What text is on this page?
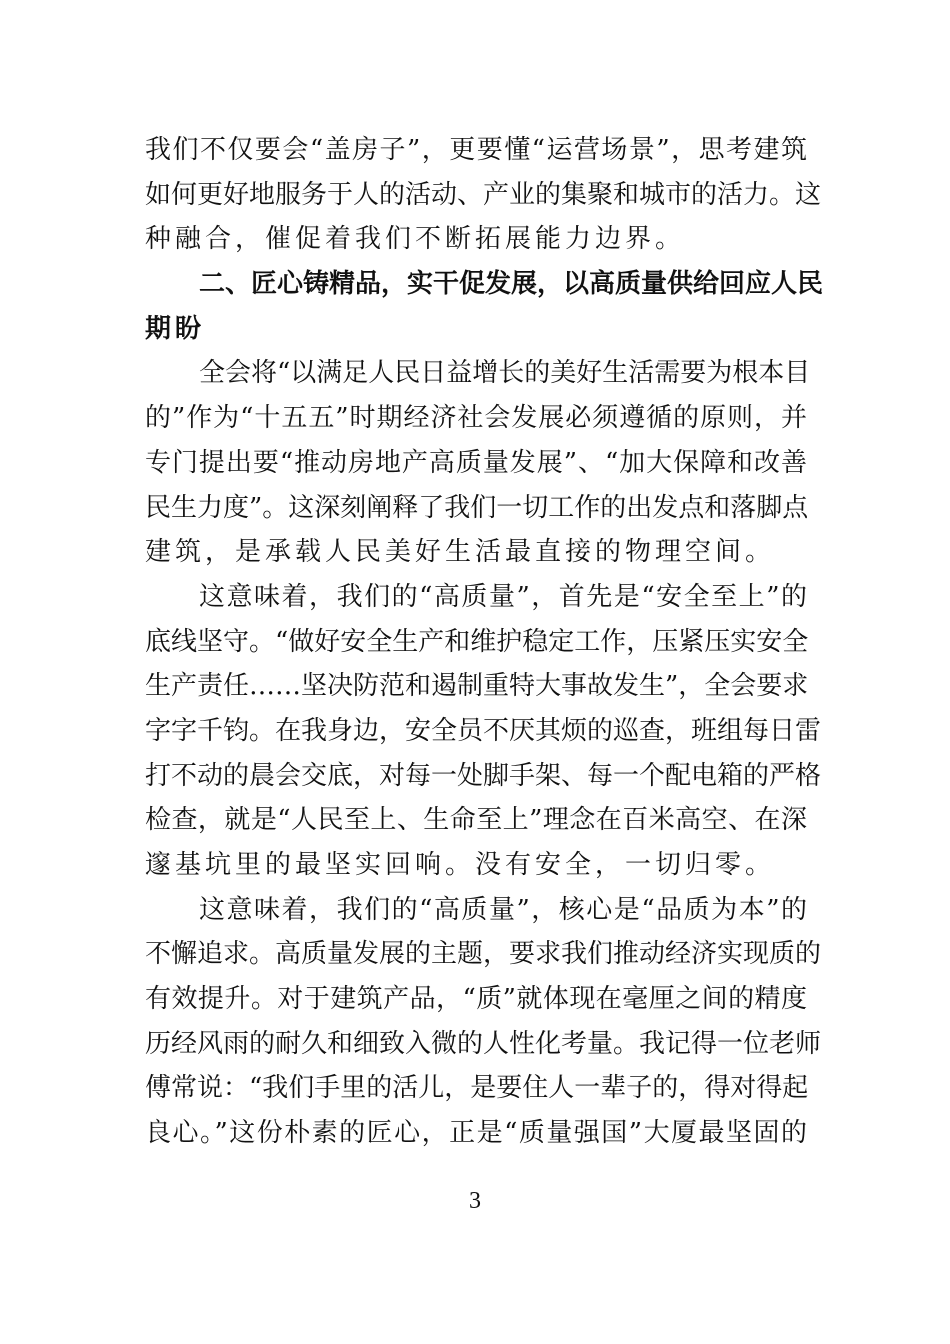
我们不仅要会“盖房子”，更要懂“运营场景”，思考建筑
如何更好地服务于人的活动、产业的集聚和城市的活力。这
种融合，催促着我们不断拓展能力边界。
二、匠心铸精品，实干促发展，以高质量供给回应人民
期盼
全会将“以满足人民日益增长的美好生活需要为根本目
的”作为“十五五”时期经济社会发展必须遵循的原则，并
专门提出要“推动房地产高质量发展”、“加大保障和改善
民生力度”。这深刻阐释了我们一切工作的出发点和落脚点
建筑，是承载人民美好生活最直接的物理空间。
这意味着，我们的“高质量”，首先是“安全至上”的
底线坚守。“做好安全生产和维护稳定工作，压紧压实安全
生产责任……坚决防范和遏制重特大事故发生”，全会要求
字字千钧。在我身边，安全员不厌其烦的巡查，班组每日雷
打不动的晨会交底，对每一处脚手架、每一个配电箱的严格
检查，就是“人民至上、生命至上”理念在百米高空、在深
邃基坑里的最坚实回响。没有安全，一切归零。
这意味着，我们的“高质量”，核心是“品质为本”的
不懈追求。高质量发展的主题，要求我们推动经济实现质的
有效提升。对于建筑产品，“质”就体现在毫厘之间的精度
历经风雨的耐久和细致入微的人性化考量。我记得一位老师
傅常说：“我们手里的活儿，是要住人一辈子的，得对得起
良心。”这份朴素的匠心，正是“质量强国”大厦最坚固的
3
